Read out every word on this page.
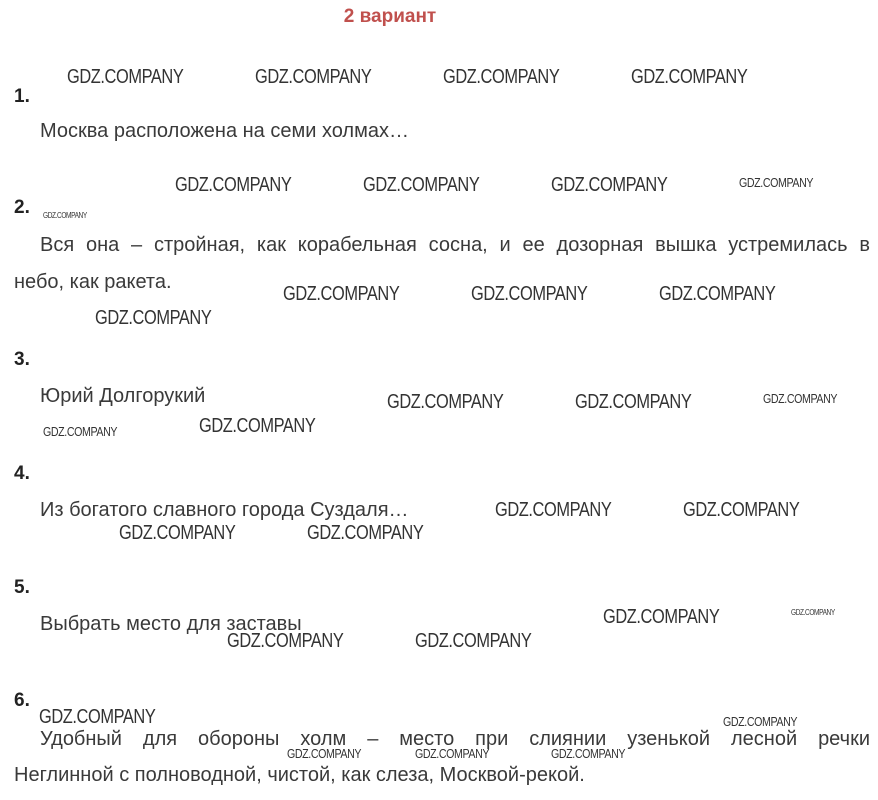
2 вариант
1.
Москва расположена на семи холмах…
2.
Вся она – стройная, как корабельная сосна, и ее дозорная вышка устремилась в
небо, как ракета.
3.
Юрий Долгорукий
4.
Из богатого славного города Суздаля…
5.
Выбрать место для заставы
6.
Удобный для обороны холм – место при слиянии узенькой лесной речки
Неглинной с полноводной, чистой, как слеза, Москвой-рекой.
GDZ.COMPANY	GDZ.COMPANY	GDZ.COMPANY	GDZ.COMPANY
GDZ.COMPANY	GDZ.COMPANY	GDZ.COMPANY	GDZ.COMPANY
GDZ.COMPANY
GDZ.COMPANY	GDZ.COMPANY	GDZ.COMPANY
GDZ.COMPANY
GDZ.COMPANY	GDZ.COMPANY	GDZ.COMPANY
GDZ.COMPANY	GDZ.COMPANY
GDZ.COMPANY	GDZ.COMPANY
GDZ.COMPANY	GDZ.COMPANY
GDZ.COMPANY	GDZ.COMPANY
GDZ.COMPANY	GDZ.COMPANY
GDZ.COMPANY	GDZ.COMPANY
GDZ.COMPANY	GDZ.COMPANY	GDZ.COMPANY
